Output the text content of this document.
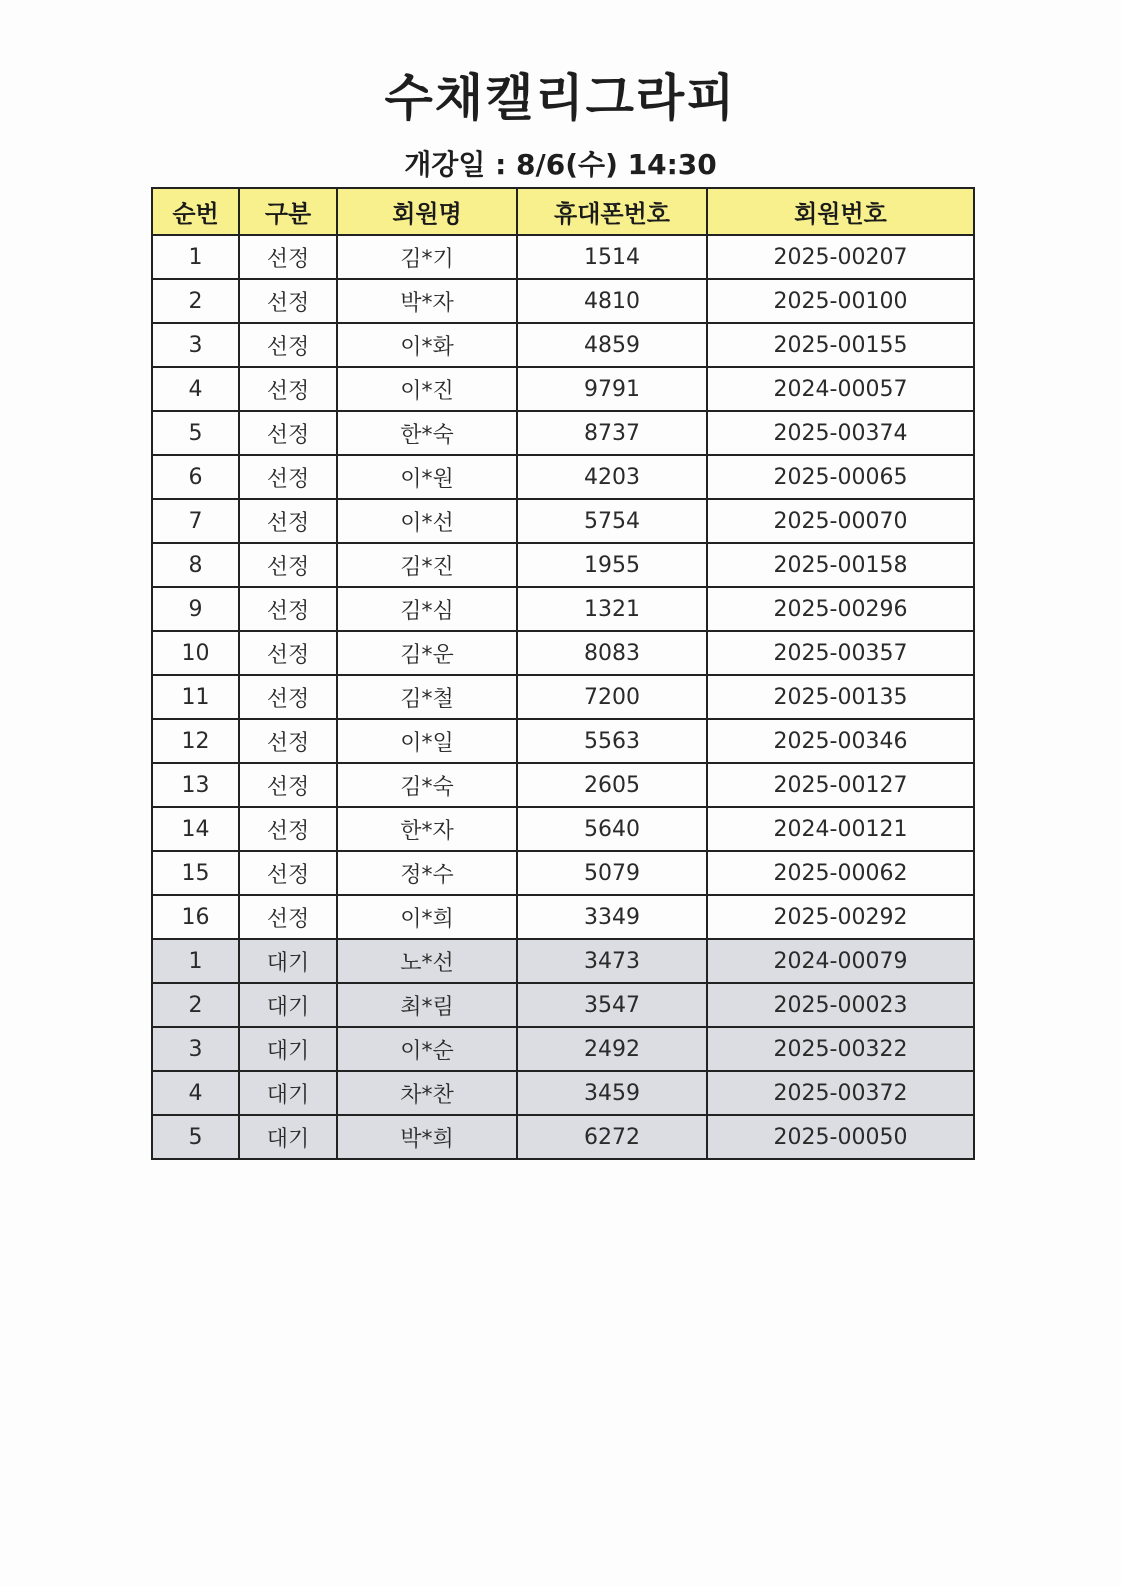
수채캘리그라피
개강일 : 8/6(수) 14:30
순번	구분	회원명	휴대폰번호	회원번호
1	선정	김*기	1514	2025-00207
2	선정	박*자	4810	2025-00100
3	선정	이*화	4859	2025-00155
4	선정	이*진	9791	2024-00057
5	선정	한*숙	8737	2025-00374
6	선정	이*원	4203	2025-00065
7	선정	이*선	5754	2025-00070
8	선정	김*진	1955	2025-00158
9	선정	김*심	1321	2025-00296
10	선정	김*운	8083	2025-00357
11	선정	김*철	7200	2025-00135
12	선정	이*일	5563	2025-00346
13	선정	김*숙	2605	2025-00127
14	선정	한*자	5640	2024-00121
15	선정	정*수	5079	2025-00062
16	선정	이*희	3349	2025-00292
1	대기	노*선	3473	2024-00079
2	대기	최*림	3547	2025-00023
3	대기	이*순	2492	2025-00322
4	대기	차*찬	3459	2025-00372
5	대기	박*희	6272	2025-00050
